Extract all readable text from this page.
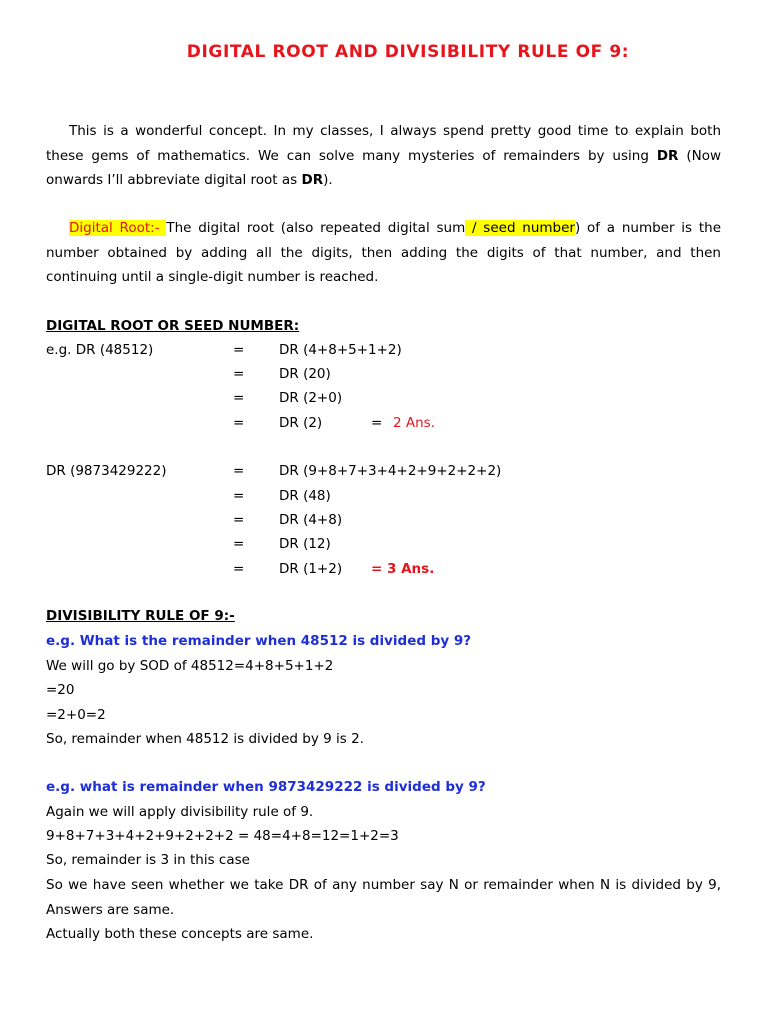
DIGITAL ROOT AND DIVISIBILITY RULE OF 9:
This is a wonderful concept. In my classes, I always spend pretty good time to explain both these gems of mathematics. We can solve many mysteries of remainders by using DR (Now onwards I’ll abbreviate digital root as DR).
Digital Root:- The digital root (also repeated digital sum / seed number) of a number is the number obtained by adding all the digits, then adding the digits of that number, and then continuing until a single-digit number is reached.
DIGITAL ROOT OR SEED NUMBER:
e.g. DR (48512)	=	DR (4+8+5+1+2)
=	DR (20)
=	DR (2+0)
=	DR (2)	= 2 Ans.
DR (9873429222)	=	DR (9+8+7+3+4+2+9+2+2+2)
=	DR (48)
=	DR (4+8)
=	DR (12)
=	DR (1+2) = 3 Ans.
DIVISIBILITY RULE OF 9:-
e.g. What is the remainder when 48512 is divided by 9?
We will go by SOD of 48512=4+8+5+1+2
=20
=2+0=2
So, remainder when 48512 is divided by 9 is 2.
e.g. what is remainder when 9873429222 is divided by 9?
Again we will apply divisibility rule of 9.
9+8+7+3+4+2+9+2+2+2 = 48=4+8=12=1+2=3
So, remainder is 3 in this case
So we have seen whether we take DR of any number say N or remainder when N is divided by 9, Answers are same.
Actually both these concepts are same.
